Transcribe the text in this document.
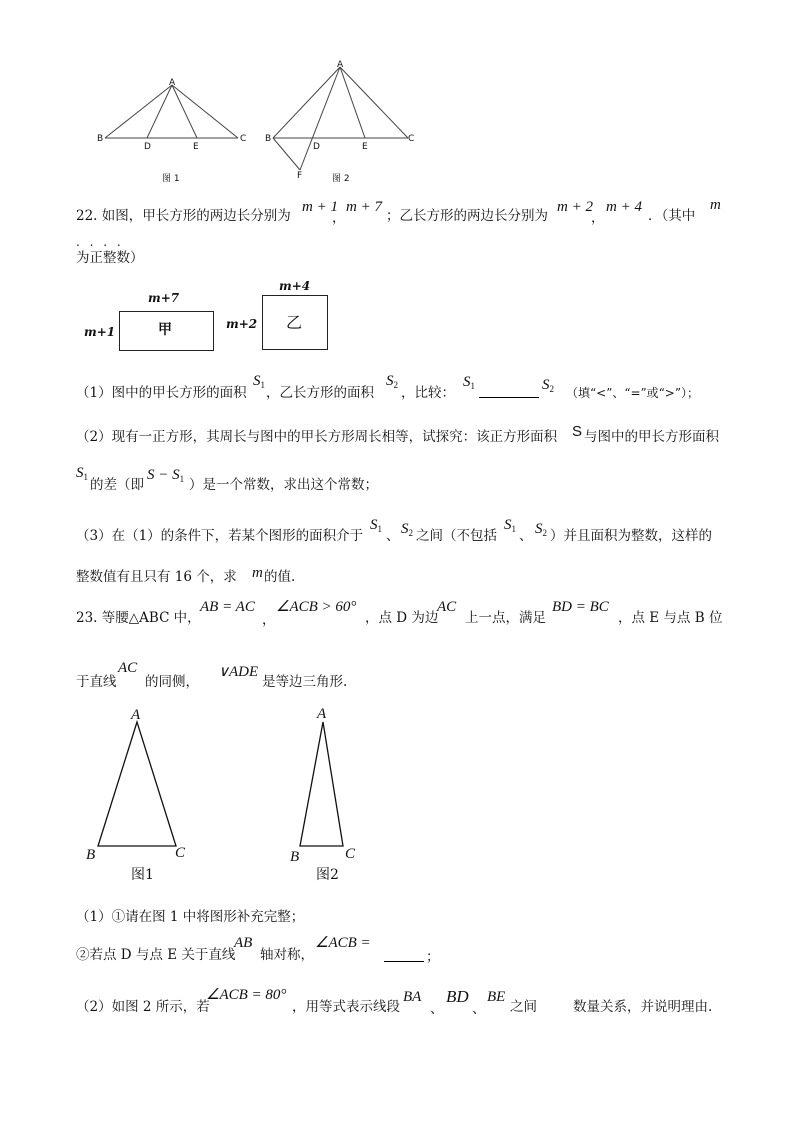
A
B
D	E
C
图 1
A
B
D	E
C
F	图 2
22. 如图，甲长方形的两边长分别为
m + 1
，
m + 7
；乙长方形的两边长分别为
m + 2
，
m + 4
．（其中
m
. . . .
为正整数）
m+7
m+1	甲
m+4
m+2 乙
（1）图中的甲长方形的面积
$S_1$ ，乙长方形的面积
$S_2$ ，比较：
$S_1$	$S_2$ （填“<”、“=”或“>”）；
（2）现有一正方形，其周长与图中的甲长方形周长相等，试探究：该正方形面积 S 与图中的甲长方形面积
$S_1$ 的差（即
$S - S_1$ ）是一个常数，求出这个常数；
（3）在（1）的条件下，若某个图形的面积介于
$S_1$ 、 $S_2$ 之间（不包括
$S_1$ 、 $S_2$ ）并且面积为整数，这样的
整数值有且只有 16 个，求 m 的值.
23. 等腰△ABC 中，
AB = AC
，
∠ACB > 60°
，点 D 为边
AC
上一点，满足
BD = BC
，点 E 与点 B 位
于直线
AC
的同侧，
∨ADE
是等边三角形.
A
B	C
图1
A
B	C
图2
（1）①请在图 1 中将图形补充完整；
②若点 D 与点 E 关于直线
AB
轴对称，
∠ACB =
；
（2）如图 2 所示，若
∠ACB = 80°
，用等式表示线段
BA
、
BD
、
BE
之间	数量关系，并说明理由.
